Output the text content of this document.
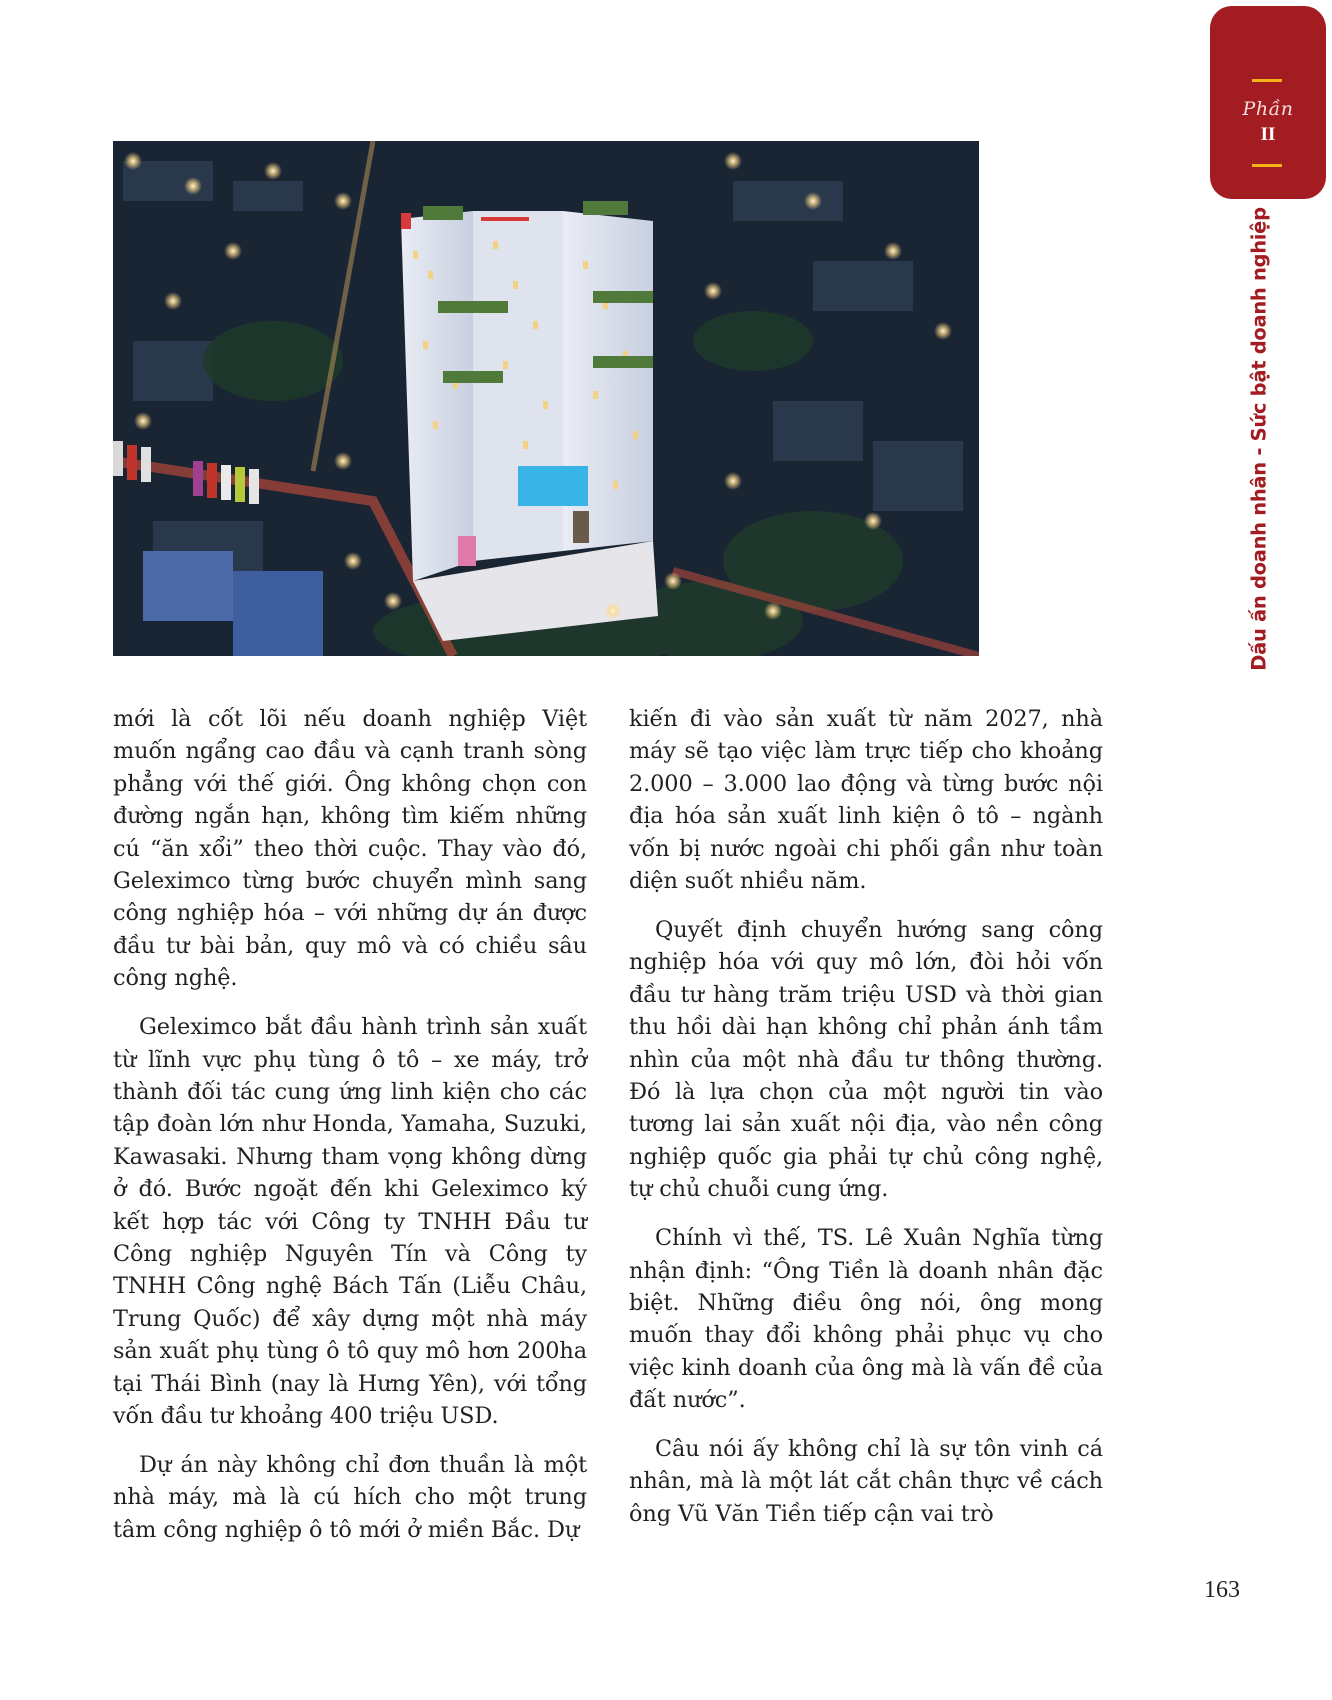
mới là cốt lõi nếu doanh nghiệp Việt muốn ngẩng cao đầu và cạnh tranh sòng phẳng với thế giới. Ông không chọn con đường ngắn hạn, không tìm kiếm những cú “ăn xổi” theo thời cuộc. Thay vào đó, Geleximco từng bước chuyển mình sang công nghiệp hóa – với những dự án được đầu tư bài bản, quy mô và có chiều sâu công nghệ.

Geleximco bắt đầu hành trình sản xuất từ lĩnh vực phụ tùng ô tô – xe máy, trở thành đối tác cung ứng linh kiện cho các tập đoàn lớn như Honda, Yamaha, Suzuki, Kawasaki. Nhưng tham vọng không dừng ở đó. Bước ngoặt đến khi Geleximco ký kết hợp tác với Công ty TNHH Đầu tư Công nghiệp Nguyên Tín và Công ty TNHH Công nghệ Bách Tấn (Liễu Châu, Trung Quốc) để xây dựng một nhà máy sản xuất phụ tùng ô tô quy mô hơn 200ha tại Thái Bình (nay là Hưng Yên), với tổng vốn đầu tư khoảng 400 triệu USD.

Dự án này không chỉ đơn thuần là một nhà máy, mà là cú hích cho một trung tâm công nghiệp ô tô mới ở miền Bắc. Dự

kiến đi vào sản xuất từ năm 2027, nhà máy sẽ tạo việc làm trực tiếp cho khoảng 2.000 – 3.000 lao động và từng bước nội địa hóa sản xuất linh kiện ô tô – ngành vốn bị nước ngoài chi phối gần như toàn diện suốt nhiều năm.

Quyết định chuyển hướng sang công nghiệp hóa với quy mô lớn, đòi hỏi vốn đầu tư hàng trăm triệu USD và thời gian thu hồi dài hạn không chỉ phản ánh tầm nhìn của một nhà đầu tư thông thường. Đó là lựa chọn của một người tin vào tương lai sản xuất nội địa, vào nền công nghiệp quốc gia phải tự chủ công nghệ, tự chủ chuỗi cung ứng.

Chính vì thế, TS. Lê Xuân Nghĩa từng nhận định: “Ông Tiền là doanh nhân đặc biệt. Những điều ông nói, ông mong muốn thay đổi không phải phục vụ cho việc kinh doanh của ông mà là vấn đề của đất nước”.

Câu nói ấy không chỉ là sự tôn vinh cá nhân, mà là một lát cắt chân thực về cách ông Vũ Văn Tiền tiếp cận vai trò

Phần
II
Dấu ấn doanh nhân - Sức bật doanh nghiệp
163
